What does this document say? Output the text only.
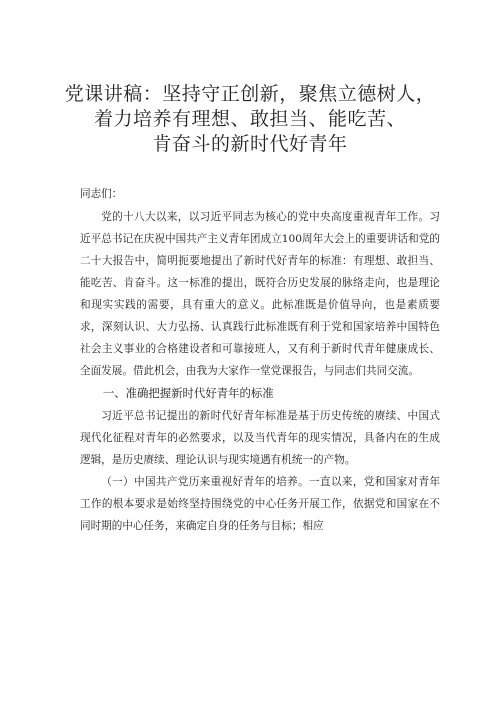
党课讲稿：坚持守正创新，聚焦立德树人，
着力培养有理想、敢担当、能吃苦、
肯奋斗的新时代好青年

同志们：

党的十八大以来，以习近平同志为核心的党中央高度重视青年工作。习近平总书记在庆祝中国共产主义青年团成立100周年大会上的重要讲话和党的二十大报告中，简明扼要地提出了新时代好青年的标准：有理想、敢担当、能吃苦、肯奋斗。这一标准的提出，既符合历史发展的脉络走向，也是理论和现实实践的需要，具有重大的意义。此标准既是价值导向，也是素质要求，深刻认识、大力弘扬、认真践行此标准既有利于党和国家培养中国特色社会主义事业的合格建设者和可靠接班人，又有利于新时代青年健康成长、全面发展。借此机会，由我为大家作一堂党课报告，与同志们共同交流。

一、准确把握新时代好青年的标准

习近平总书记提出的新时代好青年标准是基于历史传统的赓续、中国式现代化征程对青年的必然要求，以及当代青年的现实情况，具备内在的生成逻辑，是历史赓续、理论认识与现实境遇有机统一的产物。

（一）中国共产党历来重视好青年的培养。一直以来，党和国家对青年工作的根本要求是始终坚持围绕党的中心任务开展工作，依据党和国家在不同时期的中心任务，来确定自身的任务与目标；相应
